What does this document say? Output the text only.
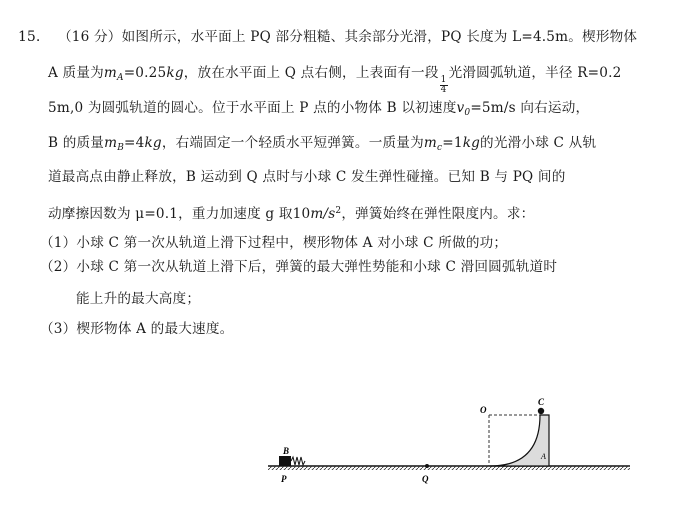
15. （16 分）如图所示，水平面上 PQ 部分粗糙、其余部分光滑，PQ 长度为 L=4.5m。楔形物体
A 质量为$m_A=0.25kg$，放在水平面上 Q 点右侧，上表面有一段
$\frac{1}{4}$
光滑圆弧轨道，半径 R=0.2
5m,0 为圆弧轨道的圆心。位于水平面上 P 点的小物体 B 以初速度$v_0=5m/s$ 向右运动，
B 的质量$m_B=4kg$，右端固定一个轻质水平短弹簧。一质量为$m_c=1kg$的光滑小球 C 从轨
道最高点由静止释放，B 运动到 Q 点时与小球 C 发生弹性碰撞。已知 B 与 PQ 间的
动摩擦因数为 μ=0.1，重力加速度 g 取$10m/s^2$，弹簧始终在弹性限度内。求：
（1）小球 C 第一次从轨道上滑下过程中，楔形物体 A 对小球 C 所做的功；
（2）小球 C 第一次从轨道上滑下后，弹簧的最大弹性势能和小球 C 滑回圆弧轨道时
能上升的最大高度；
（3）楔形物体 A 的最大速度。
B
P	Q
O
C
A
